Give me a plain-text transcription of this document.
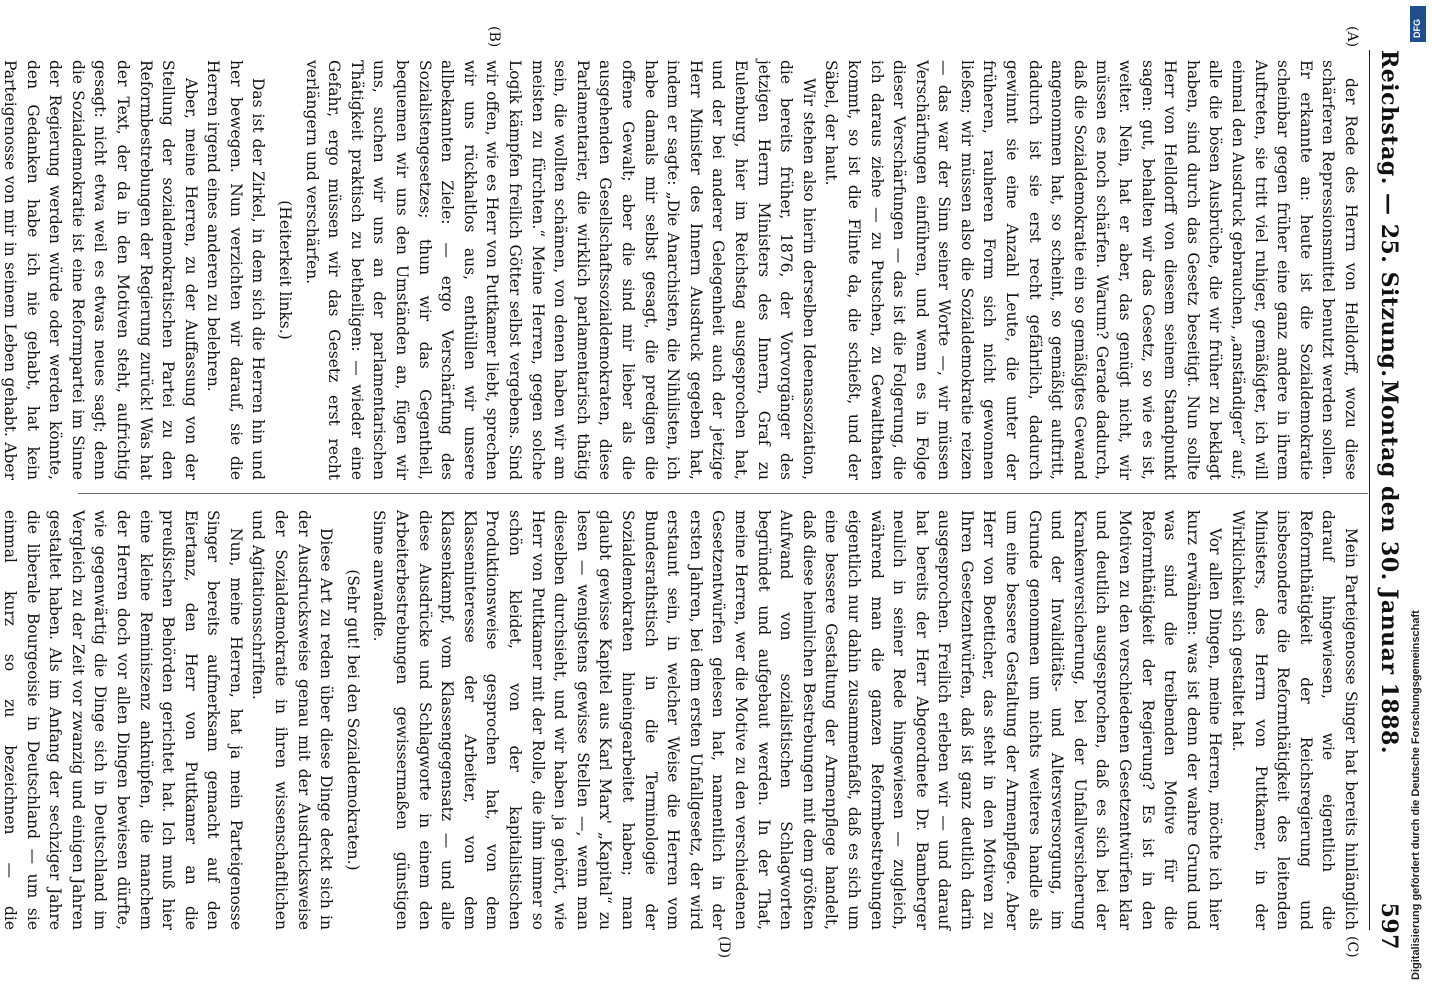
Reichstag. — 25. Sitzung.
Montag den 30. Januar 1888.
597
(A)
(B)
(C)
(D)

der Rede des Herrn von Helldorff, wozu diese schärferen Repressionsmittel benutzt werden sollen. Er erkannte an: heute ist die Sozialdemokratie scheinbar gegen früher eine ganz andere in ihrem Auftreten, sie tritt viel ruhiger, gemäßigter, ich will einmal den Ausdruck gebrauchen, „anständiger“ auf; alle die bösen Ausbrüche, die wir früher zu beklagt haben, sind durch das Gesetz beseitigt. Nun sollte Herr von Helldorff von diesem seinem Standpunkt sagen: gut, behalten wir das Gesetz, so wie es ist, weiter. Nein, hat er aber, das genügt nicht, wir müssen es noch schärfen. Warum? Gerade dadurch, daß die Sozialdemokratie ein so gemäßigtes Gewand angenommen hat, so scheint, so gemäßigt auftritt, dadurch ist sie erst recht gefährlich, dadurch gewinnt sie eine Anzahl Leute, die unter der früheren, rauheren Form sich nicht gewonnen ließen; wir müssen also die Sozialdemokratie reizen — das war der Sinn seiner Worte —, wir müssen Verschärfungen einführen, und wenn es in Folge dieser Verschärfungen — das ist die Folgerung, die ich daraus ziehe — zu Putschen, zu Gewaltthaten kommt, so ist die Flinte da, die schießt, und der Säbel, der haut.

Wir stehen also hierin derselben Ideenassoziation, die bereits früher, 1876, der Vorvorgänger des jetzigen Herrn Ministers des Innern, Graf zu Eulenburg, hier im Reichstag ausgesprochen hat, und der bei anderer Gelegenheit auch der jetzige Herr Minister des Innern Ausdruck gegeben hat, indem er sagte: „Die Anarchisten, die Nihilisten, ich habe damals mir selbst gesagt, die predigen die offene Gewalt; aber die sind mir lieber als die ausgehenden Gesellschaftssozialdemokraten, diese Parlamentarier, die wirklich parlamentarisch thätig sein, die wollten schämen, von denen haben wir am meisten zu fürchten.“ Meine Herren, gegen solche Logik kämpfen freilich Götter selbst vergebens. Sind wir offen, wie es Herr von Puttkamer liebt, sprechen wir uns rückhaltlos aus, enthüllen wir unsere allbekannten Ziele: — ergo Verschärfung des Sozialistengesetzes; thun wir das Gegentheil, bequemen wir uns den Umständen an, fügen wir uns, suchen wir uns an der parlamentarischen Thätigkeit praktisch zu betheiligen: — wieder eine Gefahr, ergo müssen wir das Gesetz erst recht verlängern und verschärfen.

(Heiterkeit links.)

Das ist der Zirkel, in dem sich die Herren hin und her bewegen. Nun verzichten wir darauf, sie die Herren irgend eines anderen zu belehren.

Aber, meine Herren, zu der Auffassung von der Stellung der sozialdemokratischen Partei zu den Reformbestrebungen der Regierung zurück! Was hat der Text, der da in den Motiven steht, aufrichtig gesagt: nicht etwa weil es etwas neues sagt; denn die Sozialdemokratie ist eine Reformpartei im Sinne der Regierung werden würde oder werden könnte, den Gedanken habe ich nie gehabt, hat kein Parteigenosse von mir in seinem Leben gehabt. Aber

Mein Parteigenosse Singer hat bereits hinlänglich darauf hingewiesen, wie eigentlich die Reformthätigkeit der Reichsregierung und insbesondere die Reformthätigkeit des leitenden Ministers, des Herrn von Puttkamer, in der Wirklichkeit sich gestaltet hat.

Vor allen Dingen, meine Herren, möchte ich hier kurz erwähnen: was ist denn der wahre Grund und was sind die treibenden Motive für die Reformthätigkeit der Regierung? Es ist in den Motiven zu den verschiedenen Gesetzentwürfen klar und deutlich ausgesprochen, daß es sich bei der Krankenversicherung, bei der Unfallversicherung und der Invaliditäts- und Altersversorgung, im Grunde genommen um nichts weiteres handle als um eine bessere Gestaltung der Armenpflege. Aber Herr von Boetticher, das steht in den Motiven zu Ihren Gesetzentwürfen, daß ist ganz deutlich darin ausgesprochen. Freilich erleben wir — und darauf hat bereits der Herr Abgeordnete Dr. Bamberger neulich in seiner Rede hingewiesen — zugleich, während man die ganzen Reformbestrebungen eigentlich nur dahin zusammenfaßt, daß es sich um eine bessere Gestaltung der Armenpflege handelt, daß diese heimlichen Bestrebungen mit dem größten Aufwand von sozialistischen Schlagworten begründet und aufgebaut werden. In der That, meine Herren, wer die Motive zu den verschiedenen Gesetzentwürfen gelesen hat, namentlich in der ersten Jahren, bei dem ersten Unfallgesetz, der wird erstaunt sein, in welcher Weise die Herren vom Bundesrathstisch in die Terminologie der Sozialdemokraten hineingearbeitet haben; man glaubt gewisse Kapitel aus Karl Marx' „Kapital“ zu lesen — wenigstens gewisse Stellen —, wenn man dieselben durchsieht, und wir haben ja gehört, wie Herr von Puttkamer mit der Rolle, die ihm immer so schön kleidet, von der kapitalistischen Produktionsweise gesprochen hat, von dem Klasseninteresse der Arbeiter, von dem Klassenkampf, vom Klassengegensatz — und alle diese Ausdrücke und Schlagworte in einem den Arbeiterbestrebungen gewissermaßen günstigen Sinne anwandte.

(Sehr gut! bei den Sozialdemokraten.)

Diese Art zu reden über diese Dinge deckt sich in der Ausdrucksweise genau mit der Ausdrucksweise der Sozialdemokratie in ihren wissenschaftlichen und Agitationsschriften.

Nun, meine Herren, hat ja mein Parteigenosse Singer bereits aufmerksam gemacht auf den Eiertanz, den Herr von Puttkamer an die preußischen Behörden gerichtet hat. Ich muß hier eine kleine Reminiszenz anknüpfen, die manchem der Herren doch vor allen Dingen bewiesen dürfte, wie gegenwärtig die Dinge sich in Deutschland im Vergleich zu der Zeit vor zwanzig und einigen Jahren gestaltet haben. Als im Anfang der sechziger Jahre die liberale Bourgeoisie in Deutschland — um sie einmal kurz so zu bezeichnen — die	Digitalisierung gefördert durch die Deutsche Forschungsgemeinschaft
DFG
